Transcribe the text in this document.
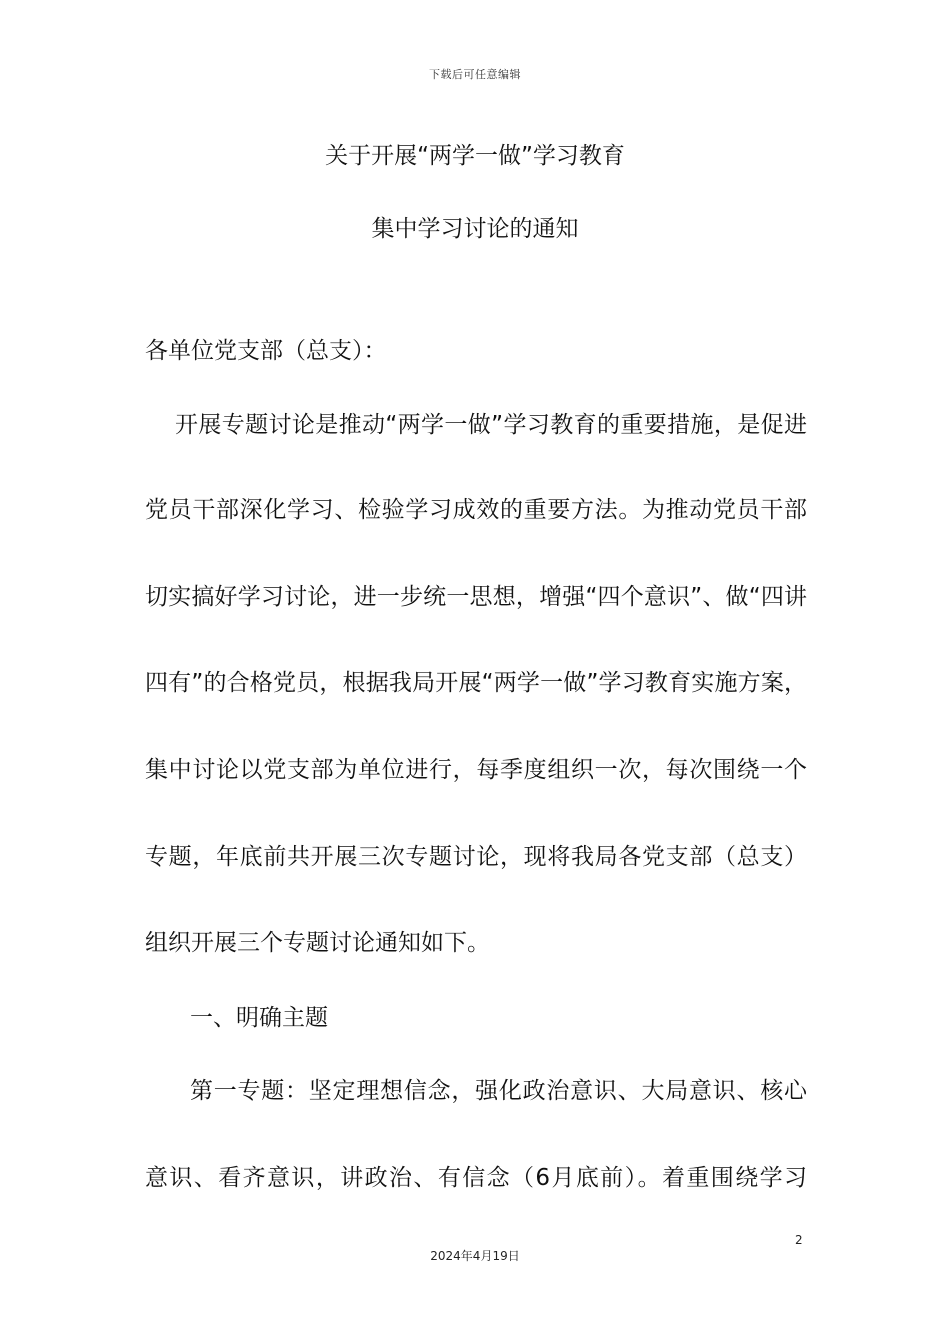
下载后可任意编辑
关于开展“两学一做”学习教育
集中学习讨论的通知
各单位党支部（总支）：
开展专题讨论是推动“两学一做”学习教育的重要措施，是促进
党员干部深化学习、检验学习成效的重要方法。为推动党员干部
切实搞好学习讨论，进一步统一思想，增强“四个意识”、做“四讲
四有”的合格党员，根据我局开展“两学一做”学习教育实施方案，
集中讨论以党支部为单位进行，每季度组织一次，每次围绕一个
专题，年底前共开展三次专题讨论，现将我局各党支部（总支）
组织开展三个专题讨论通知如下。
一、明确主题
第一专题：坚定理想信念，强化政治意识、大局意识、核心
意识、看齐意识，讲政治、有信念（6月底前）。着重围绕学习
2
2024年4月19日
